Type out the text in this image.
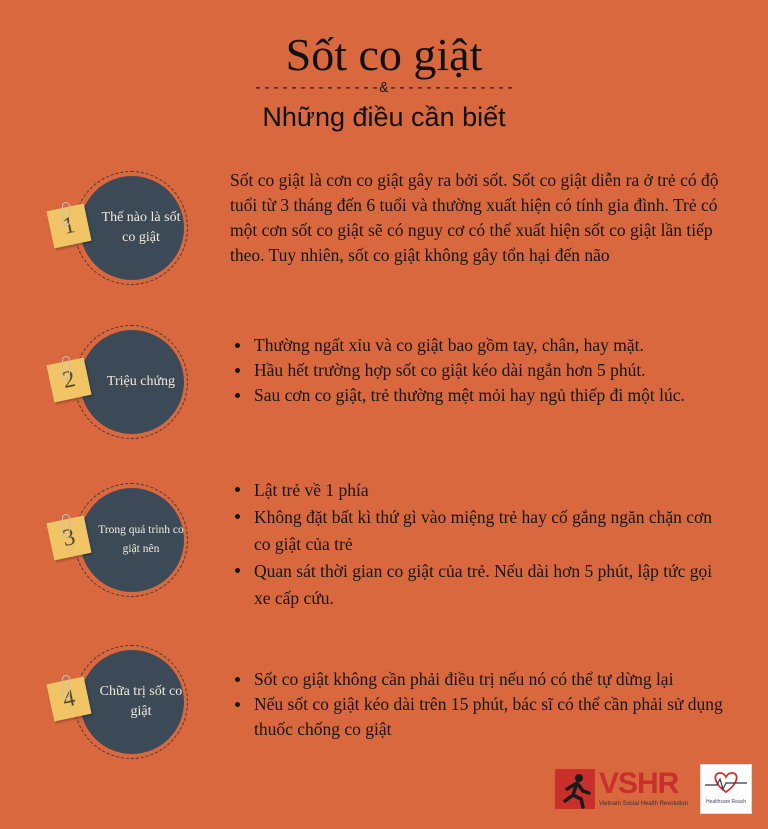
Sốt co giật
--------------&--------------
Những điều cần biết
Thế nào là sốt co giật
1
Sốt co giật là cơn co giật gây ra bởi sốt. Sốt co giật diễn ra ở trẻ có độ tuổi từ 3 tháng đến 6 tuổi và thường xuất hiện có tính gia đình. Trẻ có một cơn sốt co giật sẽ có nguy cơ có thể xuất hiện sốt co giật lần tiếp theo. Tuy nhiên, sốt co giật không gây tổn hại đến não
Triệu chứng
2
Thường ngất xỉu và co giật bao gồm tay, chân, hay mặt.
Hầu hết trường hợp sốt co giật kéo dài ngắn hơn 5 phút.
Sau cơn co giật, trẻ thường mệt mỏi hay ngủ thiếp đi một lúc.
Trong quá trình co giật nên
3
Lật trẻ về 1 phía
Không đặt bất kì thứ gì vào miệng trẻ hay cố gắng ngăn chặn cơn co giật của trẻ
Quan sát thời gian co giật của trẻ. Nếu dài hơn 5 phút, lập tức gọi xe cấp cứu.
Chữa trị sốt co giật
4
Sốt co giật không cần phải điều trị nếu nó có thể tự dừng lại
Nếu sốt co giật kéo dài trên 15 phút, bác sĩ có thể cần phải sử dụng thuốc chống co giật
VSHR
Vietnam Social Health Revolution	Healthcare Reach
